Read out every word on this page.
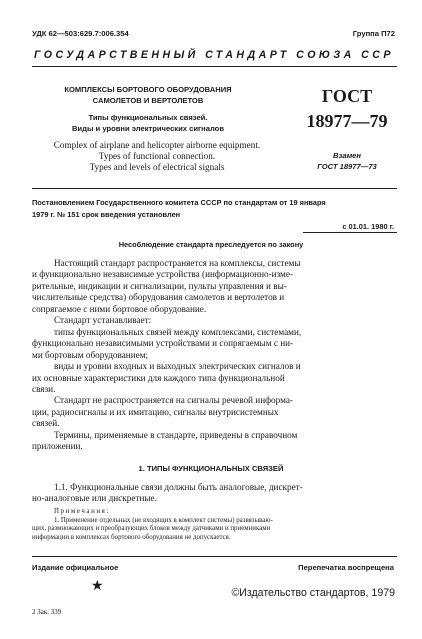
УДК 62—503:629.7:006.354	Группа П72
ГОСУДАРСТВЕННЫЙ СТАНДАРТ СОЮЗА ССР
КОМПЛЕКСЫ БОРТОВОГО ОБОРУДОВАНИЯ
САМОЛЕТОВ И ВЕРТОЛЕТОВ
Типы функциональных связей.
Виды и уровни электрических сигналов
Complex of airplane and helicopter airborne equipment.
Types of functional connection.
Types and levels of electrical signals
ГОСТ
18977—79
Взамен
ГОСТ 18977—73
Постановлением Государственного комитета СССР по стандартам от 19 января
1979 г. № 151 срок введения установлен
с 01.01. 1980 г.
Несоблюдение стандарта преследуется по закону

Настоящий стандарт распространяется на комплексы, системы

и функционально независимые устройства (информационно-изме-

рительные, индикации и сигнализации, пульты управления и вы-

числительные средства) оборудования самолетов и вертолетов и

сопрягаемое с ними бортовое оборудование.

Стандарт устанавливает:

типы функциональных связей между комплексами, системами,

функционально независимыми устройствами и сопрягаемым с ни-

ми бортовым оборудованием;

виды и уровни входных и выходных электрических сигналов и

их основные характеристики для каждого типа функциональной

связи.

Стандарт не распространяется на сигналы речевой информа-

ции, радиосигналы и их имитацию, сигналы внутрисистемных

связей.

Термины, применяемые в стандарте, приведены в справочном

приложении.

1. ТИПЫ ФУНКЦИОНАЛЬНЫХ СВЯЗЕЙ

1.1. Функциональные связи должны быть аналоговые, дискрет-

но-аналоговые или дискретные.

Примечания:

1. Применение отдельных (не входящих в комплект системы) развязываю-

щих, размножающих и преобразующих блоков между датчиками и приемниками

информации в комплексах бортового оборудования не допускается.

Издание официальное	Перепечатка воспрещена
★	©Издательство стандартов, 1979
2 Зак. 339
